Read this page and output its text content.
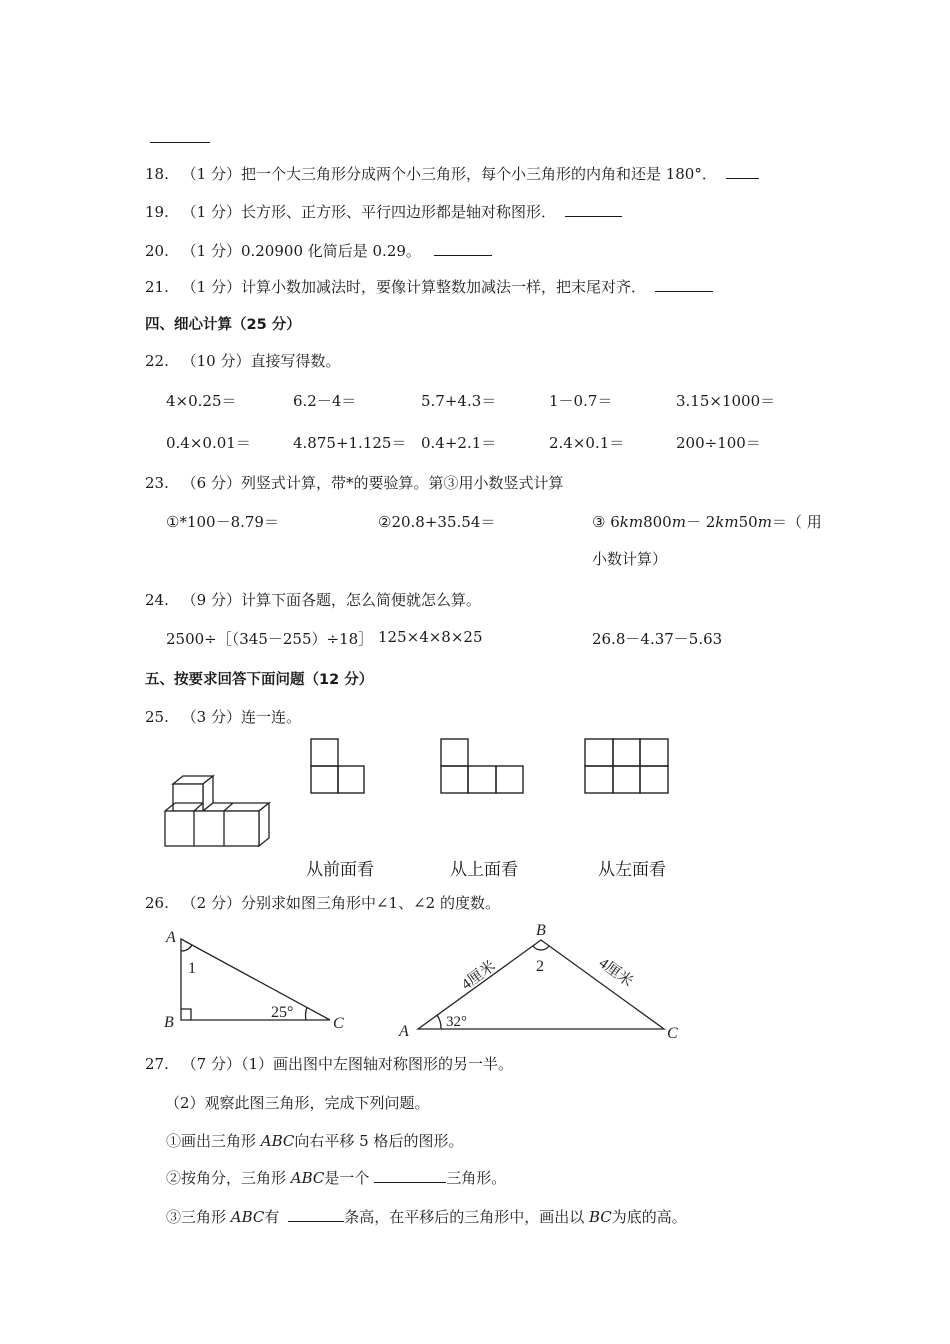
18. （1 分）把一个大三角形分成两个小三角形，每个小三角形的内角和还是 180°．
19. （1 分）长方形、正方形、平行四边形都是轴对称图形．
20. （1 分）0.20900 化简后是 0.29。
21. （1 分）计算小数加减法时，要像计算整数加减法一样，把末尾对齐．
四、细心计算（25 分）
22. （10 分）直接写得数。
4×0.25＝	6.2－4＝	5.7+4.3＝	1－0.7＝	3.15×1000＝
0.4×0.01＝	4.875+1.125＝ 0.4+2.1＝	2.4×0.1＝	200÷100＝
23. （6 分）列竖式计算，带*的要验算。第③用小数竖式计算
①*100－8.79＝	②20.8+35.54＝	③ 6km800m－ 2km50m＝（ 用
小数计算）
24. （9 分）计算下面各题，怎么简便就怎么算。
2500÷［（345－255）÷18］ 125×4×8×25	26.8－4.37－5.63
五、按要求回答下面问题（12 分）
25. （3 分）连一连。
A
B	C
1
25°
A
B
C
2
32°
4厘米	4厘米
从前面看	从上面看	从左面看
26. （2 分）分别求如图三角形中∠1、∠2 的度数。
27. （7 分）（1）画出图中左图轴对称图形的另一半。
（2）观察此图三角形，完成下列问题。
①画出三角形 ABC向右平移 5 格后的图形。
②按角分，三角形 ABC是一个	三角形。
③三角形 ABC有	条高，在平移后的三角形中，画出以 BC为底的高。
